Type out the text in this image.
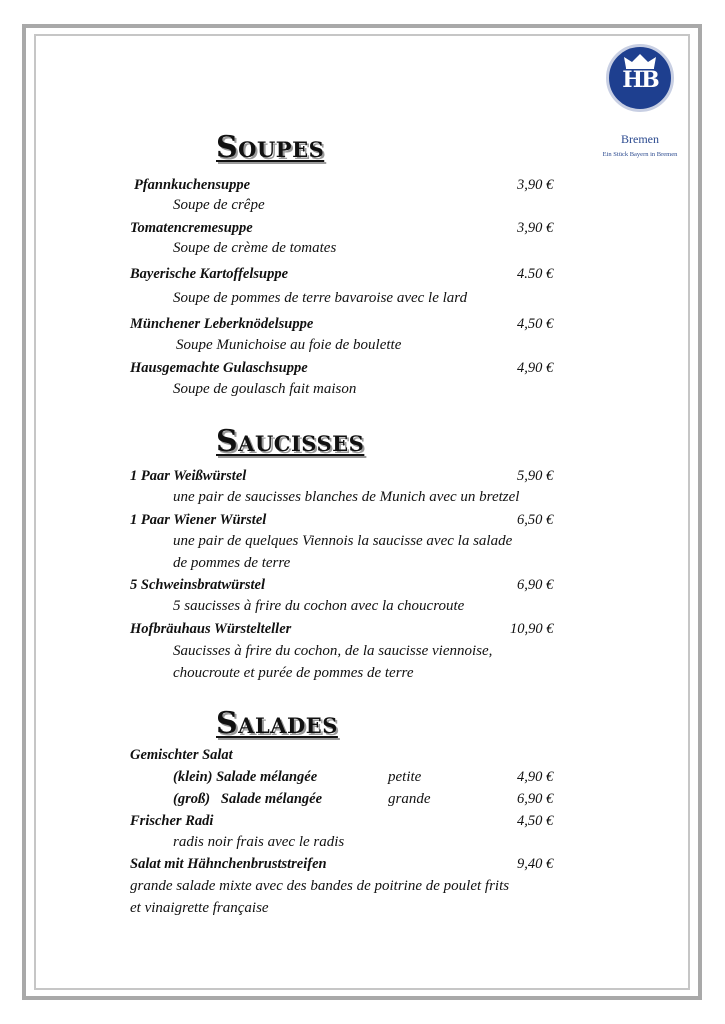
HB
Bremen
Ein Stück Bayern in Bremen
Soupes
Pfannkuchensuppe	3,90 €
Soupe de crêpe
Tomatencremesuppe	3,90 €
Soupe de crème de tomates
Bayerische Kartoffelsuppe	4.50 €
Soupe de pommes de terre bavaroise avec le lard
Münchener Leberknödelsuppe	4,50 €
Soupe Munichoise au foie de boulette
Hausgemachte Gulaschsuppe	4,90 €
Soupe de goulasch fait maison
Saucisses
1 Paar Weißwürstel	5,90 €
une pair de saucisses blanches de Munich avec un bretzel
1 Paar Wiener Würstel	6,50 €
une pair de quelques Viennois la saucisse avec la salade
de pommes de terre
5 Schweinsbratwürstel	6,90 €
5 saucisses à frire du cochon avec la choucroute
Hofbräuhaus Würstelteller	10,90 €
Saucisses à frire du cochon, de la saucisse viennoise,
choucroute et purée de pommes de terre
Salades
Gemischter Salat
(klein) Salade mélangée	petite	4,90 €
(groß)   Salade mélangée	grande	6,90 €
Frischer Radi	4,50 €
radis noir frais avec le radis
Salat mit Hähnchenbruststreifen	9,40 €
grande salade mixte avec des bandes de poitrine de poulet frits
et vinaigrette française
